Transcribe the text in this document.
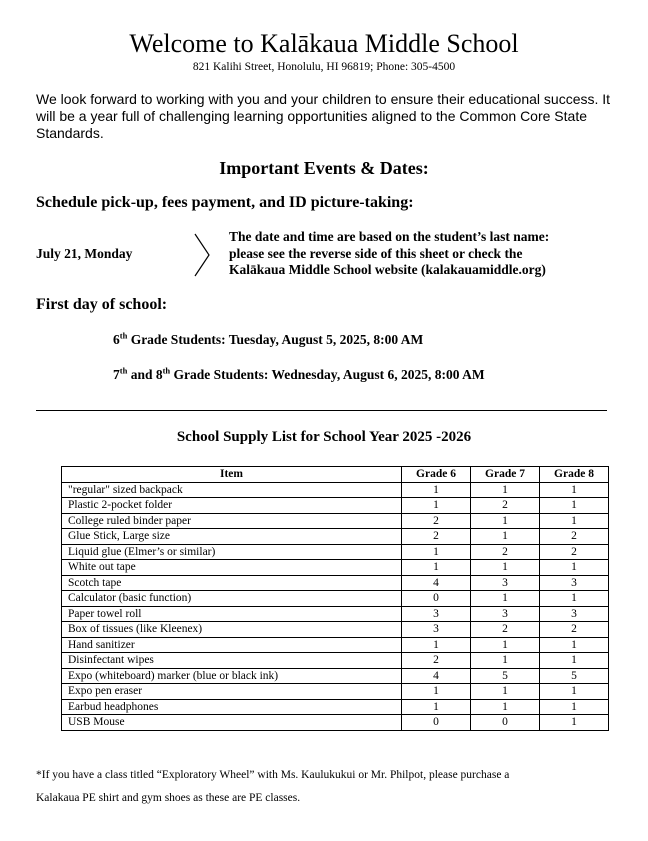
Welcome to Kalākaua Middle School
821 Kalihi Street, Honolulu, HI 96819; Phone: 305-4500
We look forward to working with you and your children to ensure their educational success. It will be a year full of challenging learning opportunities aligned to the Common Core State Standards.
Important Events & Dates:
Schedule pick-up, fees payment, and ID picture-taking:
July 21, Monday
The date and time are based on the student’s last name:
please see the reverse side of this sheet or check the
Kalākaua Middle School website (kalakauamiddle.org)
First day of school:
6th Grade Students: Tuesday, August 5, 2025, 8:00 AM
7th and 8th Grade Students: Wednesday, August 6, 2025, 8:00 AM
School Supply List for School Year 2025 -2026
Item	Grade 6	Grade 7	Grade 8
"regular" sized backpack	1	1	1
Plastic 2-pocket folder	1	2	1
College ruled binder paper	2	1	1
Glue Stick, Large size	2	1	2
Liquid glue (Elmer’s or similar)	1	2	2
White out tape	1	1	1
Scotch tape	4	3	3
Calculator (basic function)	0	1	1
Paper towel roll	3	3	3
Box of tissues (like Kleenex)	3	2	2
Hand sanitizer	1	1	1
Disinfectant wipes	2	1	1
Expo (whiteboard) marker (blue or black ink)	4	5	5
Expo pen eraser	1	1	1
Earbud headphones	1	1	1
USB Mouse	0	0	1
*If you have a class titled “Exploratory Wheel” with Ms. Kaulukukui or Mr. Philpot, please purchase a
Kalakaua PE shirt and gym shoes as these are PE classes.
